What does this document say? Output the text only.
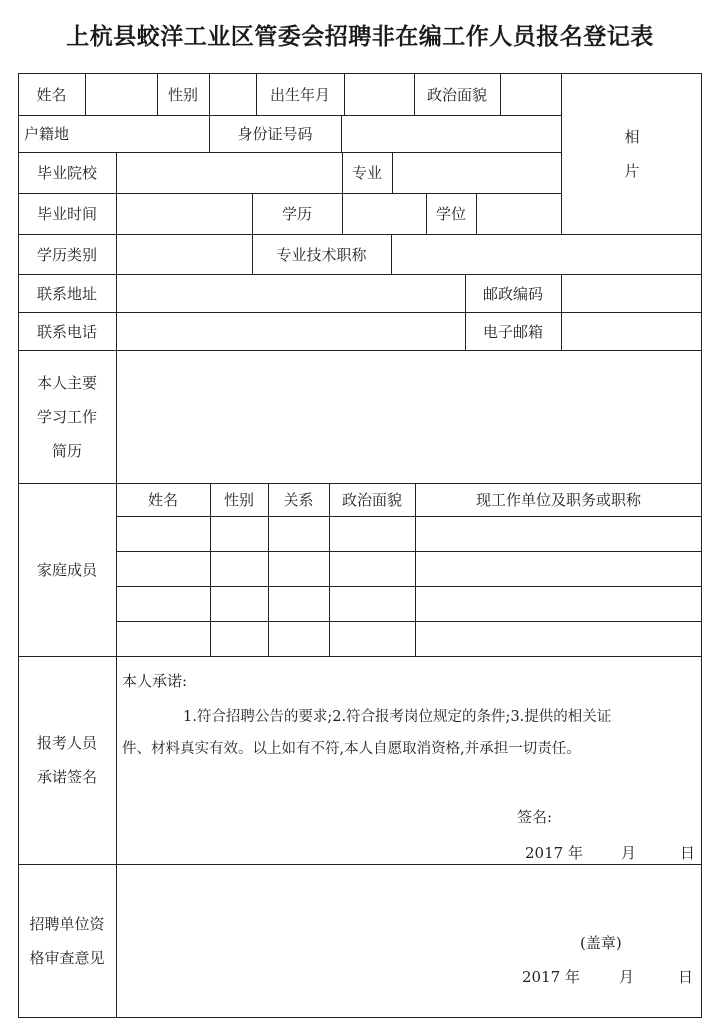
上杭县蛟洋工业区管委会招聘非在编工作人员报名登记表
姓名	性别	出生年月	政治面貌
相
片
户籍地	身份证号码
毕业院校	专业
毕业时间	学历	学位
学历类别	专业技术职称
联系地址	邮政编码
联系电话	电子邮箱
本人主要
学习工作
简历
家庭成员
姓名	性别	关系	政治面貌	现工作单位及职务或职称
报考人员
承诺签名
本人承诺:
1.符合招聘公告的要求;2.符合报考岗位规定的条件;3.提供的相关证
件、材料真实有效。以上如有不符,本人自愿取消资格,并承担一切责任。
签名:
2017 年	月	日
招聘单位资
格审查意见
(盖章)
2017 年	月	日
